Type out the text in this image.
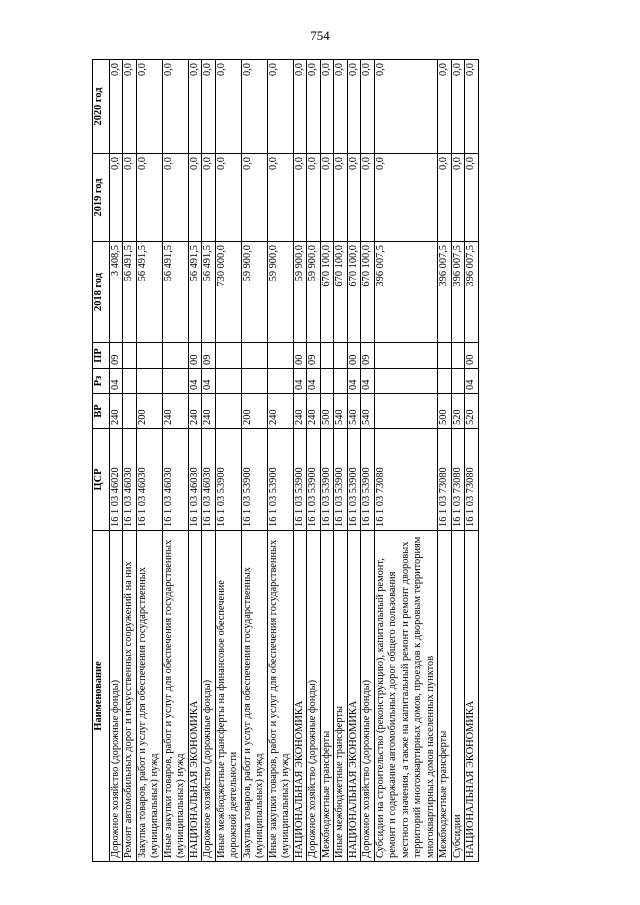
754
Наименование	ЦСР	ВР	Рз	ПР	2018 год	2019 год	2020 год
Дорожное хозяйство (дорожные фонды)	16 1 03 46020	240	04	09	3 408,5	0,0	0,0
Ремонт автомобильных дорог и искусственных сооружений на них	16 1 03 46030				56 491,5	0,0	0,0
Закупка товаров, работ и услуг для обеспечения государственных (муниципальных) нужд	16 1 03 46030	200			56 491,5	0,0	0,0
Иные закупки товаров, работ и услуг для обеспечения государственных (муниципальных) нужд	16 1 03 46030	240			56 491,5	0,0	0,0
НАЦИОНАЛЬНАЯ ЭКОНОМИКА	16 1 03 46030	240	04	00	56 491,5	0,0	0,0
Дорожное хозяйство (дорожные фонды)	16 1 03 46030	240	04	09	56 491,5	0,0	0,0
Иные межбюджетные трансферты на финансовое обеспечение дорожной деятельности	16 1 03 53900				730 000,0	0,0	0,0
Закупка товаров, работ и услуг для обеспечения государственных (муниципальных) нужд	16 1 03 53900	200			59 900,0	0,0	0,0
Иные закупки товаров, работ и услуг для обеспечения государственных (муниципальных) нужд	16 1 03 53900	240			59 900,0	0,0	0,0
НАЦИОНАЛЬНАЯ ЭКОНОМИКА	16 1 03 53900	240	04	00	59 900,0	0,0	0,0
Дорожное хозяйство (дорожные фонды)	16 1 03 53900	240	04	09	59 900,0	0,0	0,0
Межбюджетные трансферты	16 1 03 53900	500			670 100,0	0,0	0,0
Иные межбюджетные трансферты	16 1 03 53900	540			670 100,0	0,0	0,0
НАЦИОНАЛЬНАЯ ЭКОНОМИКА	16 1 03 53900	540	04	00	670 100,0	0,0	0,0
Дорожное хозяйство (дорожные фонды)	16 1 03 53900	540	04	09	670 100,0	0,0	0,0
Субсидии на строительство (реконструкцию), капитальный ремонт, ремонт и содержание автомобильных дорог общего пользования местного значения, а также на капитальный ремонт и ремонт дворовых территорий многоквартирных домов, проездов к дворовым территориям многоквартирных домов населенных пунктов	16 1 03 73080				396 007,5	0,0	0,0
Межбюджетные трансферты	16 1 03 73080	500			396 007,5	0,0	0,0
Субсидии	16 1 03 73080	520			396 007,5	0,0	0,0
НАЦИОНАЛЬНАЯ ЭКОНОМИКА	16 1 03 73080	520	04	00	396 007,5	0,0	0,0
